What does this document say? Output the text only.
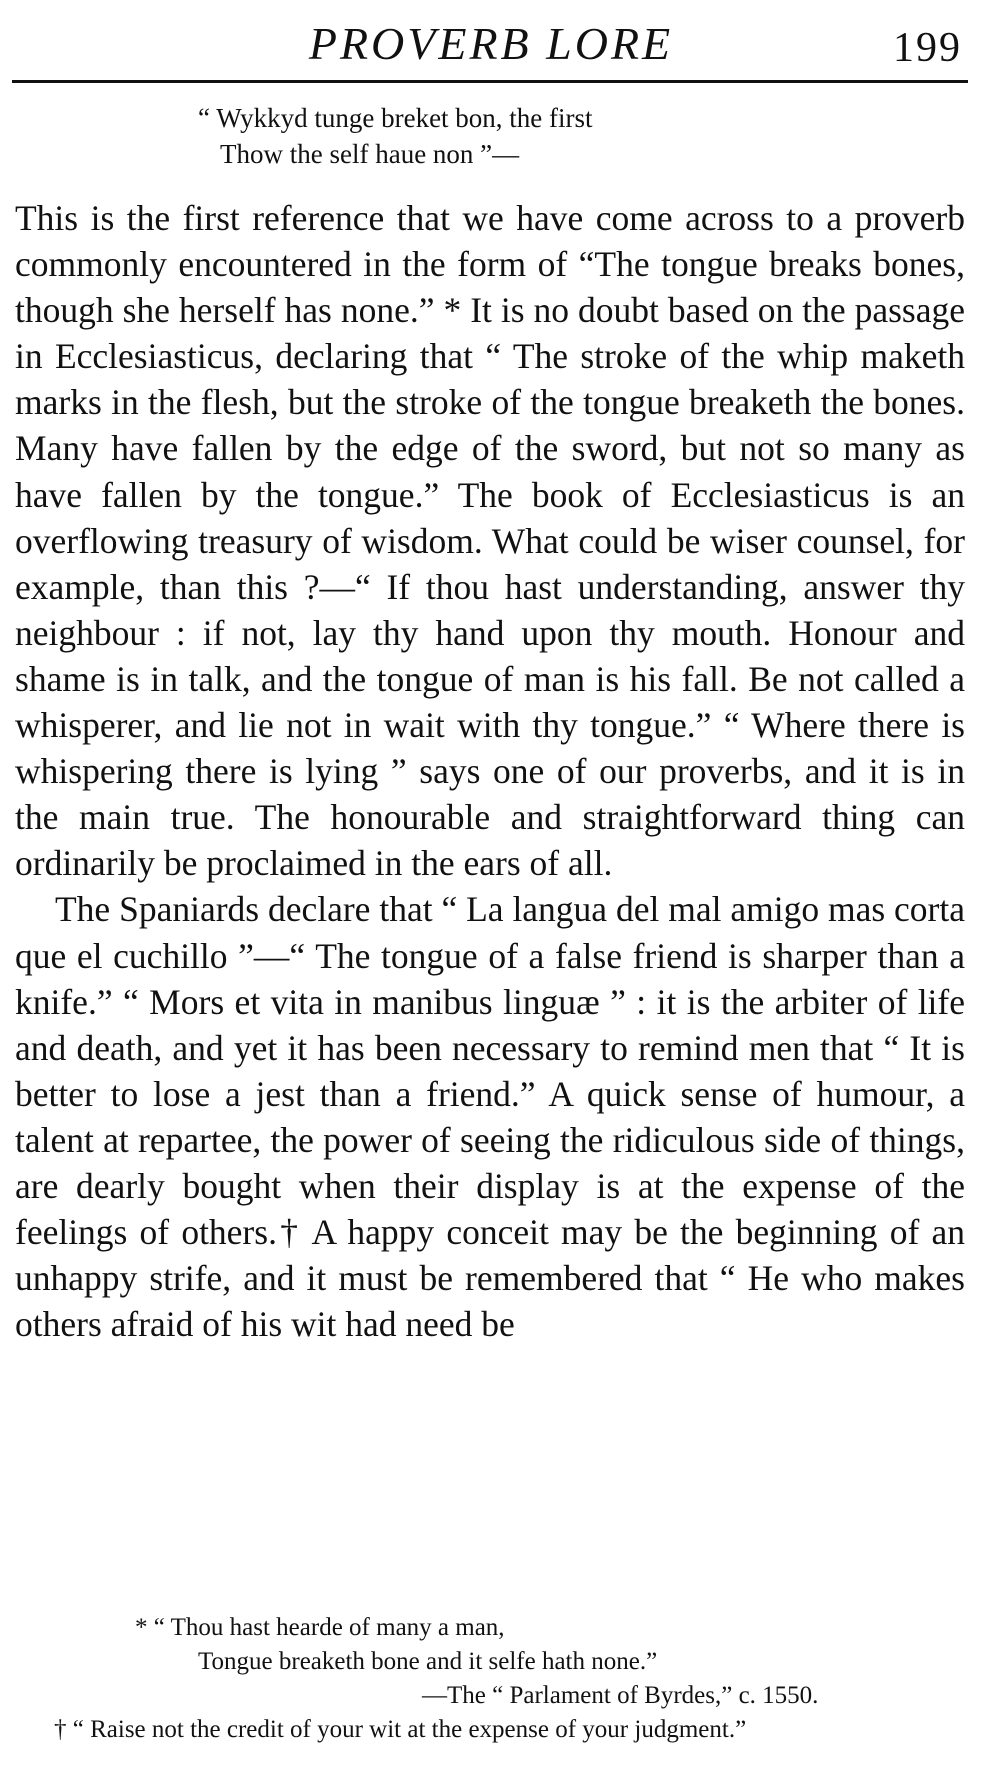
PROVERB LORE	199
“ Wykkyd tunge breket bon, the first
Thow the self haue non ”—

This is the first reference that we have come across to a proverb commonly encountered in the form of “The tongue breaks bones, though she herself has none.” * It is no doubt based on the passage in Ecclesiasticus, declaring that “ The stroke of the whip maketh marks in the flesh, but the stroke of the tongue breaketh the bones. Many have fallen by the edge of the sword, but not so many as have fallen by the tongue.” The book of Ecclesiasticus is an overflowing treasury of wisdom. What could be wiser counsel, for example, than this ?—“ If thou hast understanding, answer thy neighbour : if not, lay thy hand upon thy mouth. Honour and shame is in talk, and the tongue of man is his fall. Be not called a whisperer, and lie not in wait with thy tongue.” “ Where there is whispering there is lying ” says one of our proverbs, and it is in the main true. The honourable and straightforward thing can ordinarily be proclaimed in the ears of all.

The Spaniards declare that “ La langua del mal amigo mas corta que el cuchillo ”—“ The tongue of a false friend is sharper than a knife.” “ Mors et vita in manibus linguæ ” : it is the arbiter of life and death, and yet it has been necessary to remind men that “ It is better to lose a jest than a friend.” A quick sense of humour, a talent at repartee, the power of seeing the ridiculous side of things, are dearly bought when their display is at the expense of the feelings of others.† A happy conceit may be the beginning of an unhappy strife, and it must be remembered that “ He who makes others afraid of his wit had need be

* “ Thou hast hearde of many a man,
Tongue breaketh bone and it selfe hath none.”
—The “ Parlament of Byrdes,” c. 1550.
† “ Raise not the credit of your wit at the expense of your judgment.”
